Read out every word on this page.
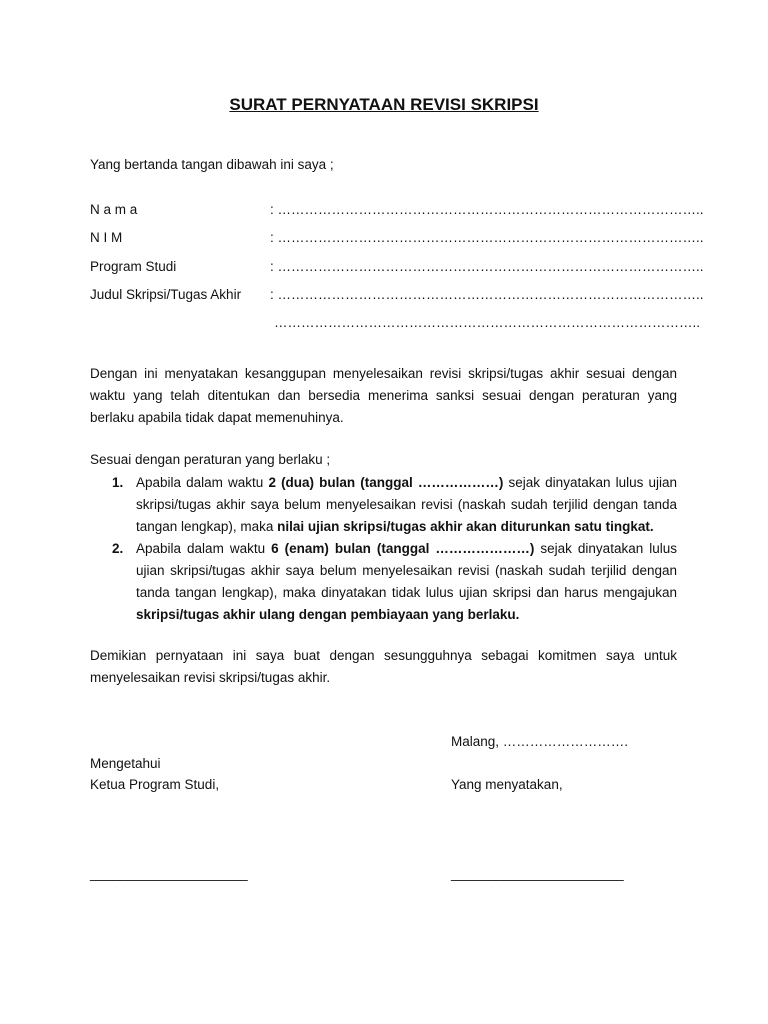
SURAT PERNYATAAN REVISI SKRIPSI
Yang bertanda tangan dibawah ini saya ;
N a m a	: …………………………………………………………………………………..
N I M	: …………………………………………………………………………………..
Program Studi	: …………………………………………………………………………………..
Judul Skripsi/Tugas Akhir : …………………………………………………………………………………..
…………………………………………………………………………………..
Dengan ini menyatakan kesanggupan menyelesaikan revisi skripsi/tugas akhir sesuai dengan waktu yang telah ditentukan dan bersedia menerima sanksi sesuai dengan peraturan yang berlaku apabila tidak dapat memenuhinya.
Sesuai dengan peraturan yang berlaku ;
1. Apabila dalam waktu 2 (dua) bulan (tanggal ………………) sejak dinyatakan lulus ujian skripsi/tugas akhir saya belum menyelesaikan revisi (naskah sudah terjilid dengan tanda tangan lengkap), maka nilai ujian skripsi/tugas akhir akan diturunkan satu tingkat.
2. Apabila dalam waktu 6 (enam) bulan (tanggal …………………) sejak dinyatakan lulus ujian skripsi/tugas akhir saya belum menyelesaikan revisi (naskah sudah terjilid dengan tanda tangan lengkap), maka dinyatakan tidak lulus ujian skripsi dan harus mengajukan skripsi/tugas akhir ulang dengan pembiayaan yang berlaku.
Demikian pernyataan ini saya buat dengan sesungguhnya sebagai komitmen saya untuk menyelesaikan revisi skripsi/tugas akhir.
Malang, ……………………….
Mengetahui
Ketua Program Studi,	Yang menyatakan,
_____________________	_______________________
